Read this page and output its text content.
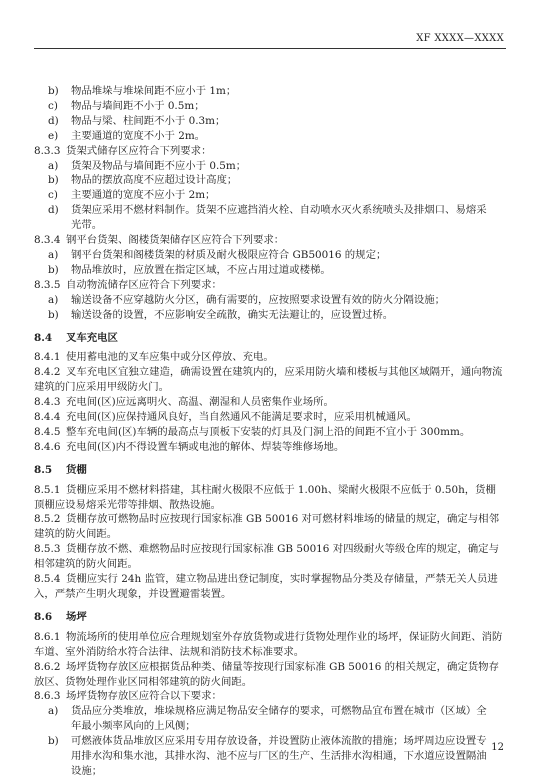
XF XXXX—XXXX
b) 物品堆垛与堆垛间距不应小于 1m；
c) 物品与墙间距不小于 0.5m；
d) 物品与梁、柱间距不小于 0.3m；
e) 主要通道的宽度不小于 2m。
8.3.3 货架式储存区应符合下列要求：
a) 货架及物品与墙间距不应小于 0.5m；
b) 物品的摆放高度不应超过设计高度；
c) 主要通道的宽度不应小于 2m；
d) 货架应采用不燃材料制作。货架不应遮挡消火栓、自动喷水灭火系统喷头及排烟口、易熔采
光带。
8.3.4 钢平台货架、阁楼货架储存区应符合下列要求：
a) 钢平台货架和阁楼货架的材质及耐火极限应符合 GB50016 的规定；
b) 物品堆放时，应放置在指定区域，不应占用过道或楼梯。
8.3.5 自动物流储存区应符合下列要求：
a) 输送设备不应穿越防火分区，确有需要的，应按照要求设置有效的防火分隔设施；
b) 输送设备的设置，不应影响安全疏散，确实无法避让的，应设置过桥。
8.4 叉车充电区
8.4.1 使用蓄电池的叉车应集中或分区停放、充电。
8.4.2 叉车充电区宜独立建造，确需设置在建筑内的，应采用防火墙和楼板与其他区域隔开，通向物流建筑的门应采用甲级防火门。
8.4.3 充电间(区)应远离明火、高温、潮湿和人员密集作业场所。
8.4.4 充电间(区)应保持通风良好，当自然通风不能满足要求时，应采用机械通风。
8.4.5 整车充电间(区)车辆的最高点与顶板下安装的灯具及门洞上沿的间距不宜小于 300mm。
8.4.6 充电间(区)内不得设置车辆或电池的解体、焊装等维修场地。
8.5 货棚
8.5.1 货棚应采用不燃材料搭建，其柱耐火极限不应低于 1.00h、梁耐火极限不应低于 0.50h，货棚顶棚应设易熔采光带等排烟、散热设施。
8.5.2 货棚存放可燃物品时应按现行国家标准 GB 50016 对可燃材料堆场的储量的规定，确定与相邻建筑的防火间距。
8.5.3 货棚存放不燃、难燃物品时应按现行国家标准 GB 50016 对四级耐火等级仓库的规定，确定与相邻建筑的防火间距。
8.5.4 货棚应实行 24h 监管，建立物品进出登记制度，实时掌握物品分类及存储量，严禁无关人员进入，严禁产生明火现象，并设置避雷装置。
8.6 场坪
8.6.1 物流场所的使用单位应合理规划室外存放货物或进行货物处理作业的场坪，保证防火间距、消防车道、室外消防给水符合法律、法规和消防技术标准要求。
8.6.2 场坪货物存放区应根据货品种类、储量等按现行国家标准 GB 50016 的相关规定，确定货物存放区、货物处理作业区同相邻建筑的防火间距。
8.6.3 场坪货物存放区应符合以下要求：
a) 货品应分类堆放，堆垛规格应满足物品安全储存的要求，可燃物品宜布置在城市（区域）全
年最小频率风向的上风侧；
b) 可燃液体货品堆放区应采用专用存放设备，并设置防止液体流散的措施；场坪周边应设置专
用排水沟和集水池，其排水沟、池不应与厂区的生产、生活排水沟相通，下水道应设置隔油
设施；
12
